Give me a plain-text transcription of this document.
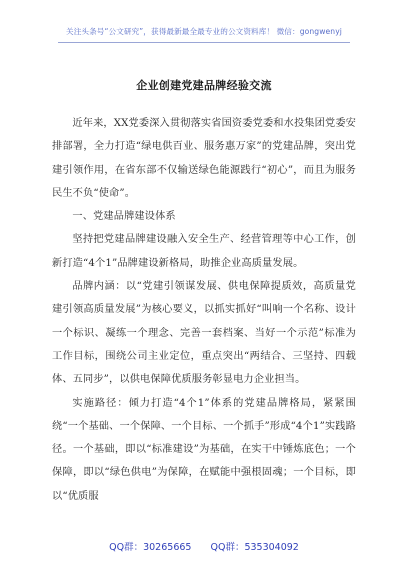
关注头条号“公文研究”，获得最新最全最专业的公文资料库！ 微信：gongwenyj
企业创建党建品牌经验交流

近年来，XX党委深入贯彻落实省国资委党委和水投集团党委安排部署，全力打造“绿电供百业、服务惠万家”的党建品牌，突出党建引领作用，在省东部不仅输送绿色能源践行“初心”，而且为服务民生不负“使命”。

一、党建品牌建设体系

坚持把党建品牌建设融入安全生产、经营管理等中心工作，创新打造“4个1”品牌建设新格局，助推企业高质量发展。

品牌内涵：以“党建引领谋发展、供电保障提质效，高质量党建引领高质量发展”为核心要义，以抓实抓好“叫响一个名称、设计一个标识、凝练一个理念、完善一套档案、当好一个示范”标准为工作目标，围绕公司主业定位，重点突出“两结合、三坚持、四载体、五同步”，以供电保障优质服务彰显电力企业担当。

实施路径：倾力打造“4个1”体系的党建品牌格局，紧紧围绕“一个基础、一个保障、一个目标、一个抓手”形成“4个1”实践路径。一个基础，即以“标准建设”为基础，在实干中锤炼底色；一个保障，即以“绿色供电”为保障，在赋能中强根固魂；一个目标，即以“优质服

QQ群：30265665 QQ群：535304092
